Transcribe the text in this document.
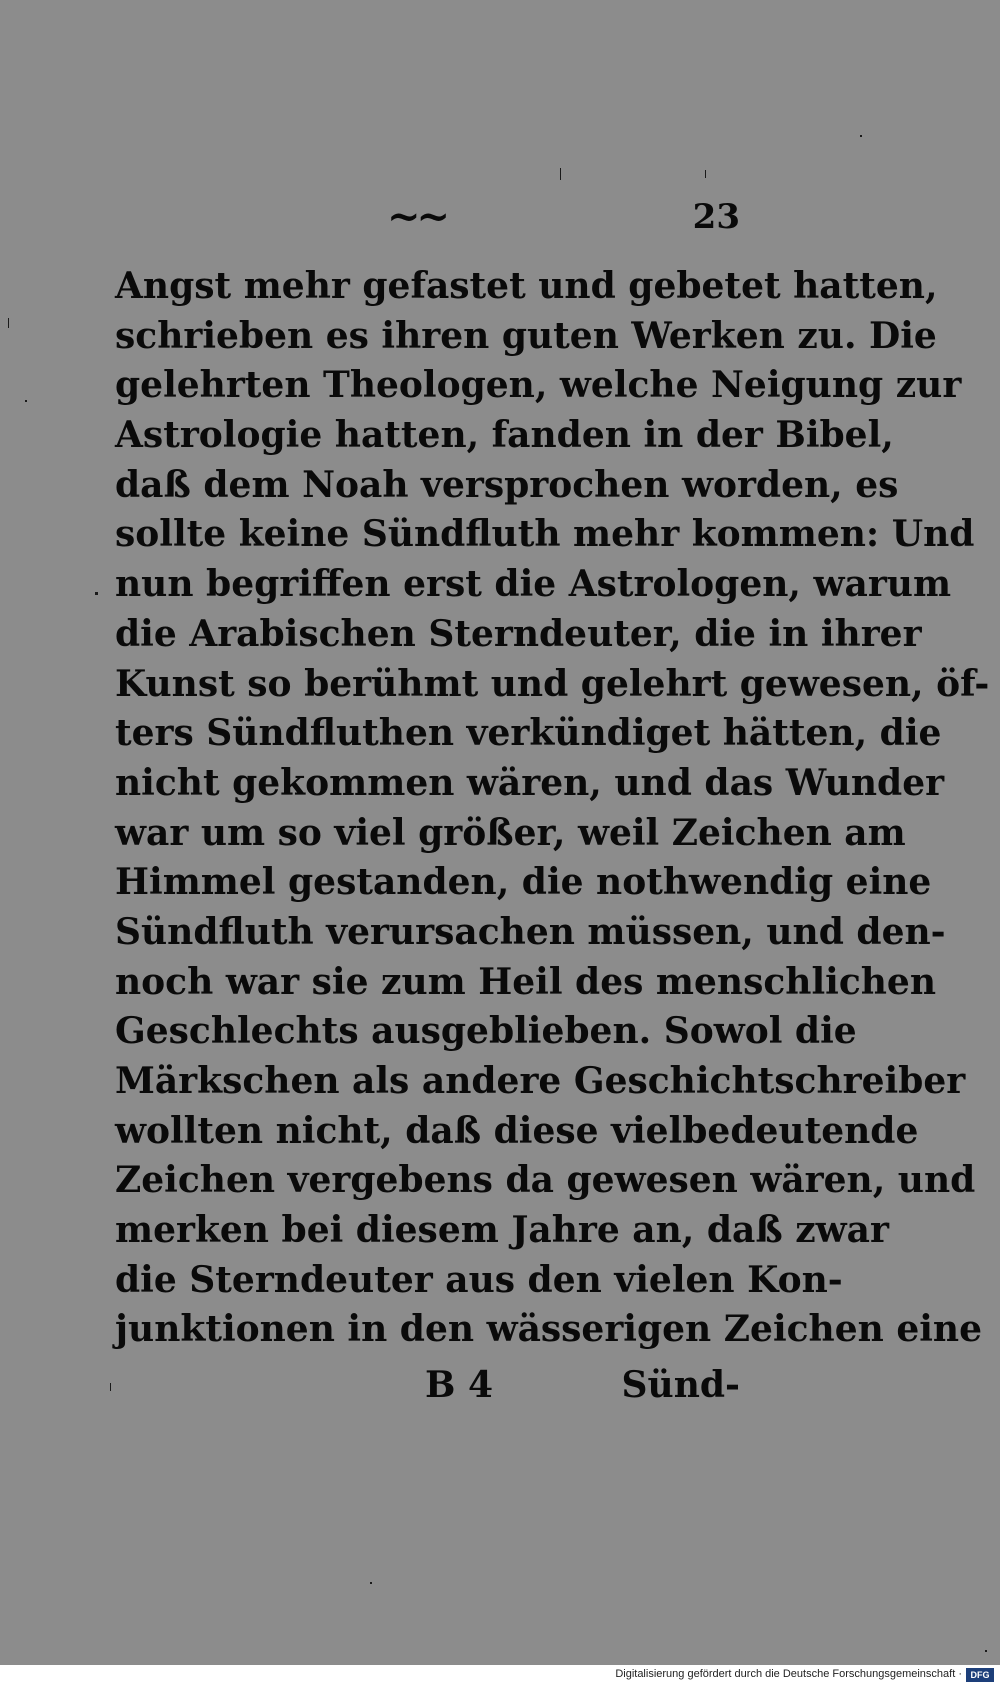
~~	23
Angst mehr gefastet und gebetet hatten,
schrieben es ihren guten Werken zu. Die
gelehrten Theologen, welche Neigung zur
Astrologie hatten, fanden in der Bibel,
daß dem Noah versprochen worden, es
sollte keine Sündfluth mehr kommen: Und
nun begriffen erst die Astrologen, warum
die Arabischen Sterndeuter, die in ihrer
Kunst so berühmt und gelehrt gewesen, öf-
ters Sündfluthen verkündiget hätten, die
nicht gekommen wären, und das Wunder
war um so viel größer, weil Zeichen am
Himmel gestanden, die nothwendig eine
Sündfluth verursachen müssen, und den-
noch war sie zum Heil des menschlichen
Geschlechts ausgeblieben. Sowol die
Märkschen als andere Geschichtschreiber
wollten nicht, daß diese vielbedeutende
Zeichen vergebens da gewesen wären, und
merken bei diesem Jahre an, daß zwar
die Sterndeuter aus den vielen Kon-
junktionen in den wässerigen Zeichen eine
B 4	Sünd-
Digitalisierung gefördert durch die Deutsche Forschungsgemeinschaft · DFG
